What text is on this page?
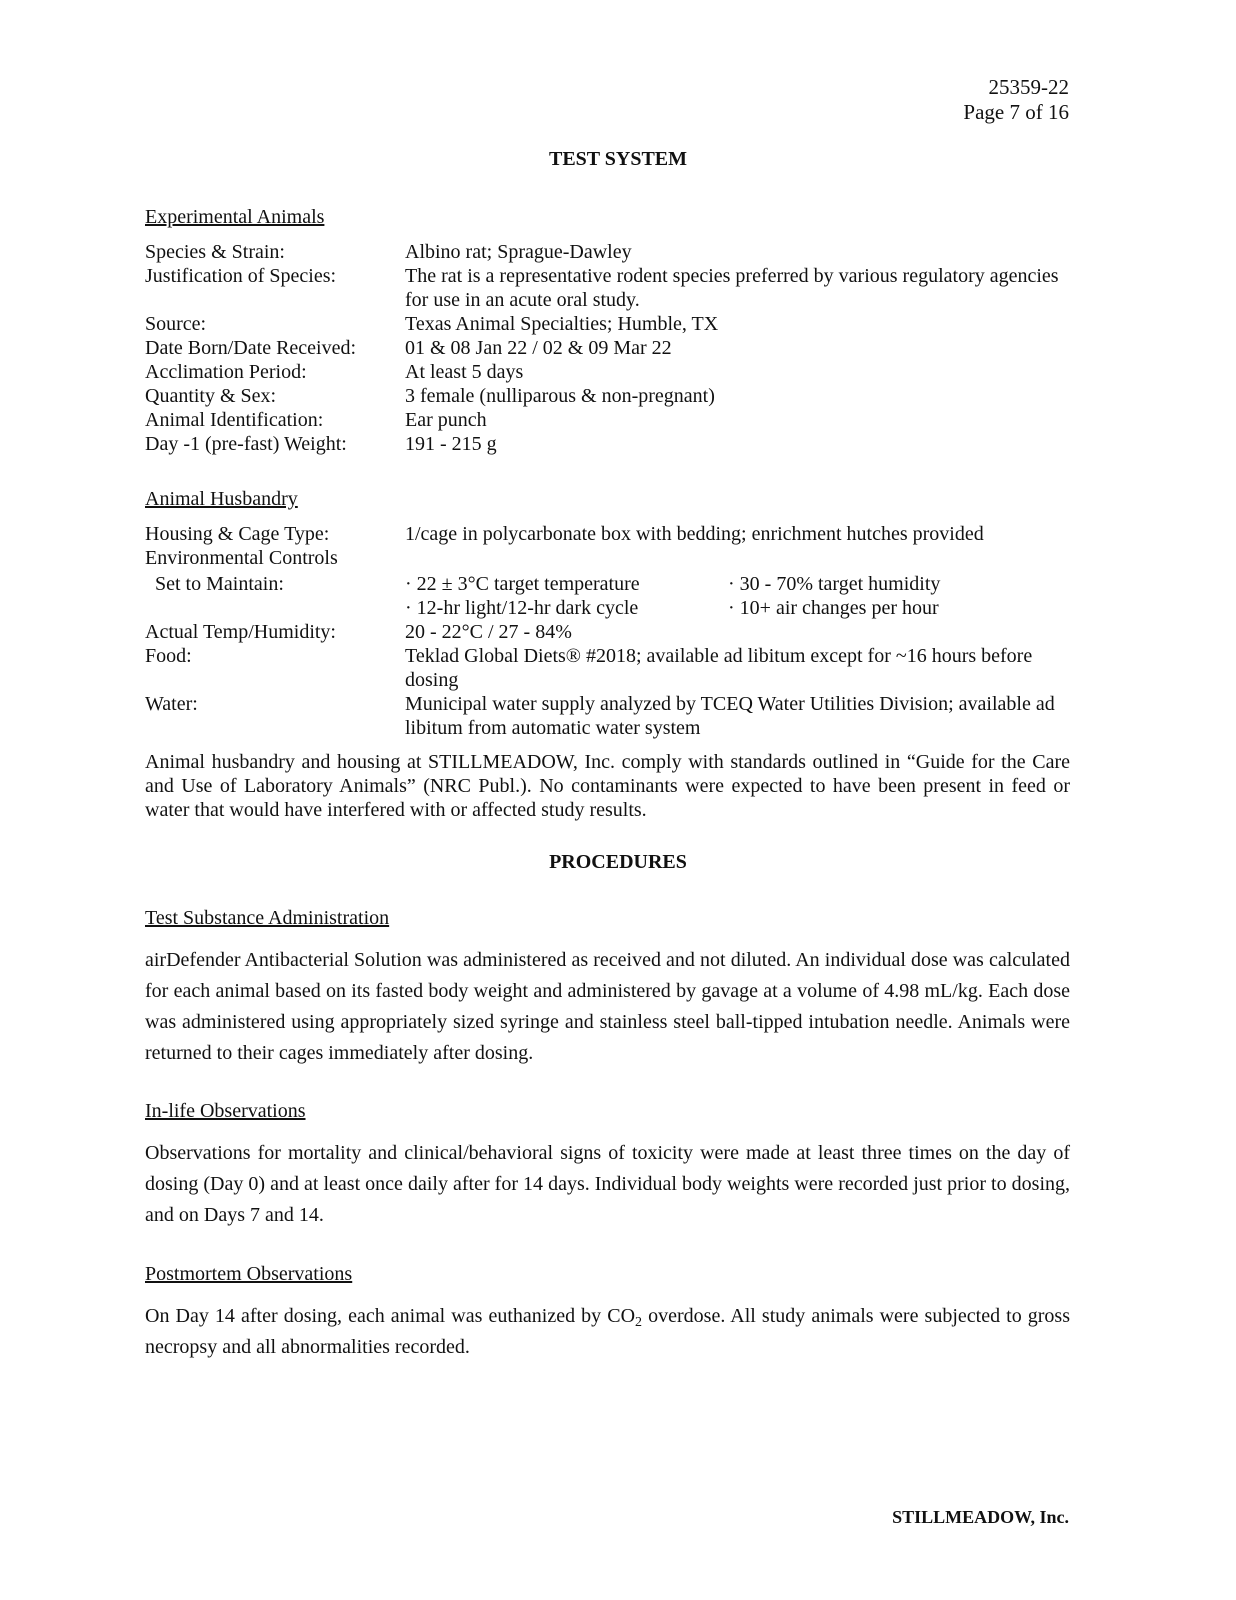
25359-22
Page 7 of 16
TEST SYSTEM
Experimental Animals
Species & Strain:	Albino rat; Sprague-Dawley
Justification of Species:	The rat is a representative rodent species preferred by various regulatory agencies for use in an acute oral study.
Source:	Texas Animal Specialties; Humble, TX
Date Born/Date Received:	01 & 08 Jan 22 / 02 & 09 Mar 22
Acclimation Period:	At least 5 days
Quantity & Sex:	3 female (nulliparous & non-pregnant)
Animal Identification:	Ear punch
Day -1 (pre-fast) Weight:	191 - 215 g
Animal Husbandry
Housing & Cage Type:	1/cage in polycarbonate box with bedding; enrichment hutches provided
Environmental Controls
Set to Maintain:	· 22 ± 3°C target temperature	· 30 - 70% target humidity
· 12-hr light/12-hr dark cycle	· 10+ air changes per hour
Actual Temp/Humidity:	20 - 22°C / 27 - 84%
Food:	Teklad Global Diets® #2018; available ad libitum except for ~16 hours before dosing
Water:	Municipal water supply analyzed by TCEQ Water Utilities Division; available ad libitum from automatic water system
Animal husbandry and housing at STILLMEADOW, Inc. comply with standards outlined in “Guide for the Care and Use of Laboratory Animals” (NRC Publ.). No contaminants were expected to have been present in feed or water that would have interfered with or affected study results.
PROCEDURES
Test Substance Administration
airDefender Antibacterial Solution was administered as received and not diluted. An individual dose was calculated for each animal based on its fasted body weight and administered by gavage at a volume of 4.98 mL/kg. Each dose was administered using appropriately sized syringe and stainless steel ball-tipped intubation needle. Animals were returned to their cages immediately after dosing.
In-life Observations
Observations for mortality and clinical/behavioral signs of toxicity were made at least three times on the day of dosing (Day 0) and at least once daily after for 14 days. Individual body weights were recorded just prior to dosing, and on Days 7 and 14.
Postmortem Observations
On Day 14 after dosing, each animal was euthanized by $CO_2$ overdose. All study animals were subjected to gross necropsy and all abnormalities recorded.
STILLMEADOW, Inc.
